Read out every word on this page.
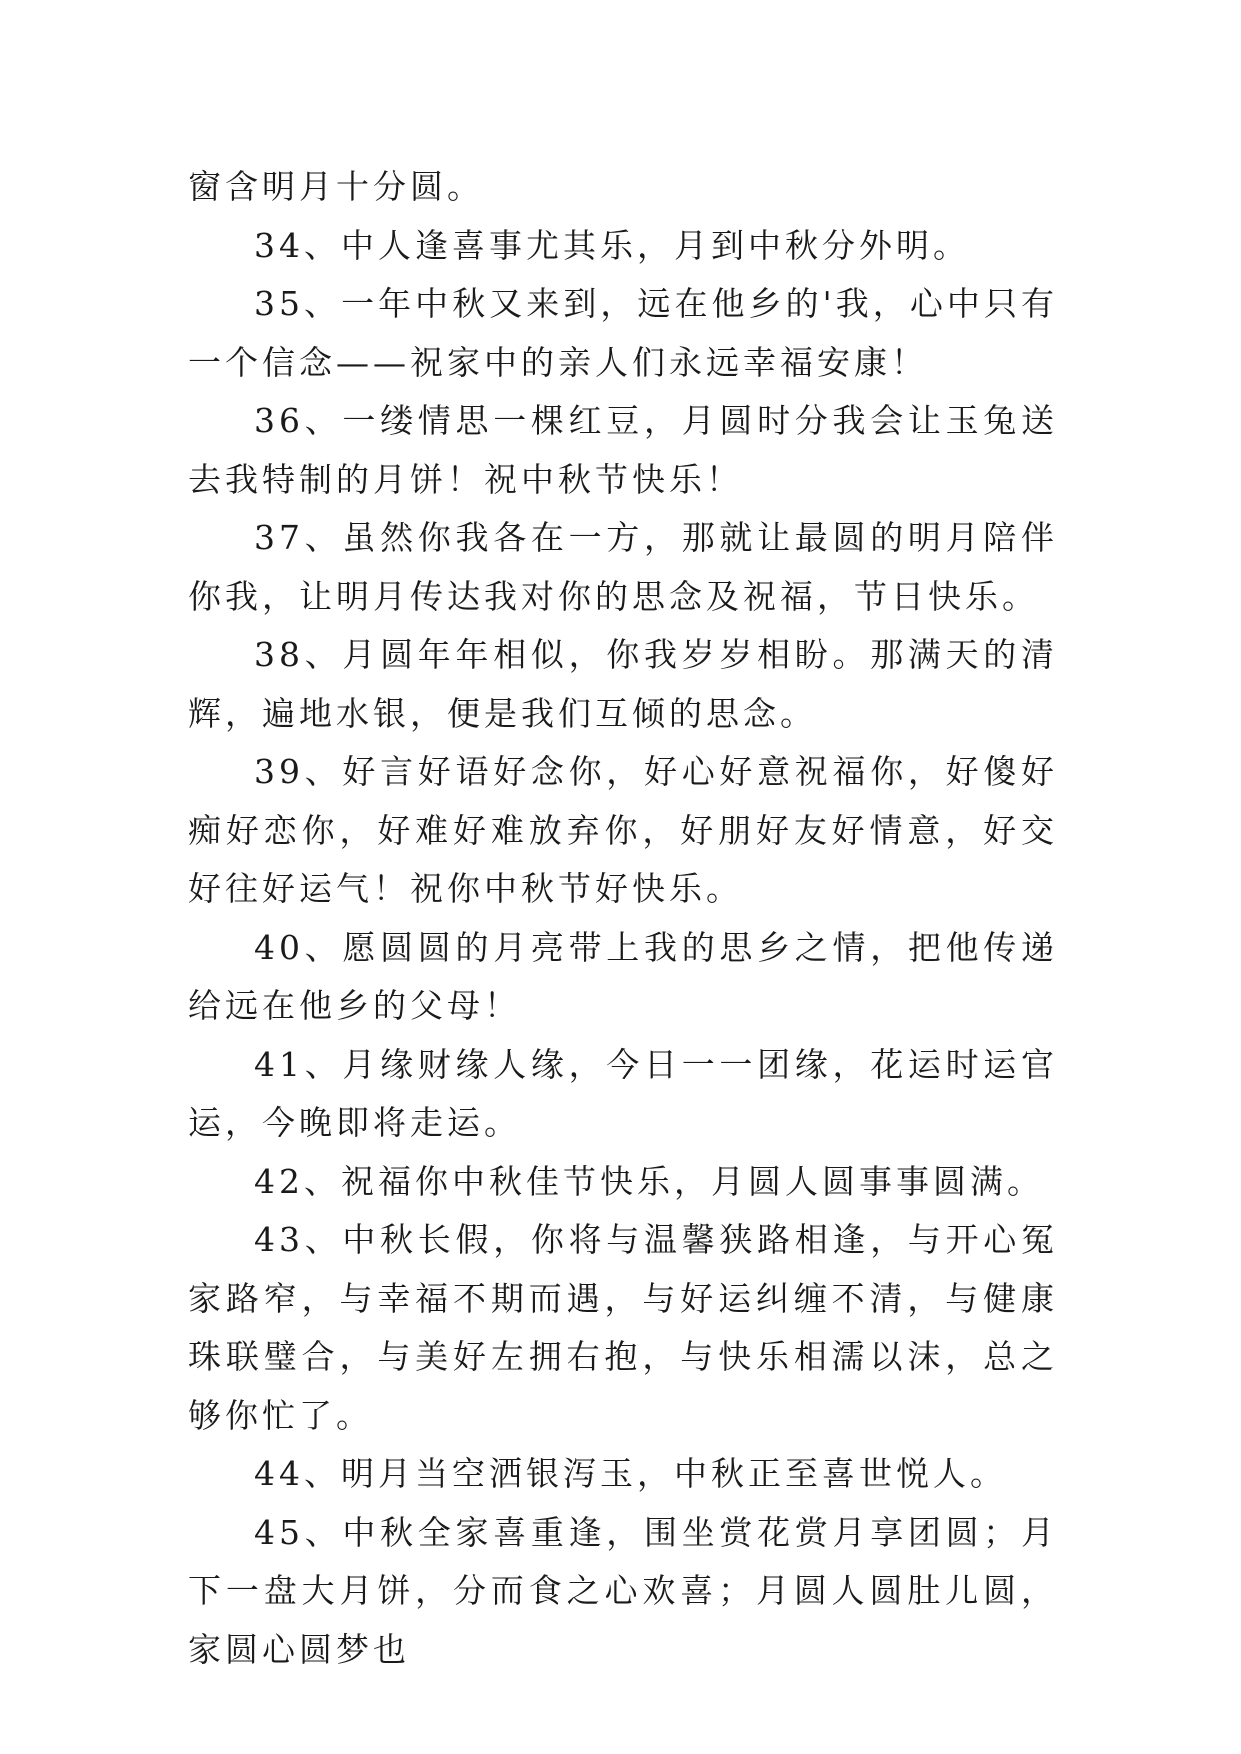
窗含明月十分圆。

34、中人逢喜事尤其乐，月到中秋分外明。

35、一年中秋又来到，远在他乡的'我，心中只有一个信念——祝家中的亲人们永远幸福安康！

36、一缕情思一棵红豆，月圆时分我会让玉兔送去我特制的月饼！祝中秋节快乐！

37、虽然你我各在一方，那就让最圆的明月陪伴你我，让明月传达我对你的思念及祝福，节日快乐。

38、月圆年年相似，你我岁岁相盼。那满天的清辉，遍地水银，便是我们互倾的思念。

39、好言好语好念你，好心好意祝福你，好傻好痴好恋你，好难好难放弃你，好朋好友好情意，好交好往好运气！祝你中秋节好快乐。

40、愿圆圆的月亮带上我的思乡之情，把他传递给远在他乡的父母！

41、月缘财缘人缘，今日一一团缘，花运时运官运，今晚即将走运。

42、祝福你中秋佳节快乐，月圆人圆事事圆满。

43、中秋长假，你将与温馨狭路相逢，与开心冤家路窄，与幸福不期而遇，与好运纠缠不清，与健康珠联璧合，与美好左拥右抱，与快乐相濡以沫，总之够你忙了。

44、明月当空洒银泻玉，中秋正至喜世悦人。

45、中秋全家喜重逢，围坐赏花赏月享团圆；月下一盘大月饼，分而食之心欢喜；月圆人圆肚儿圆，家圆心圆梦也
